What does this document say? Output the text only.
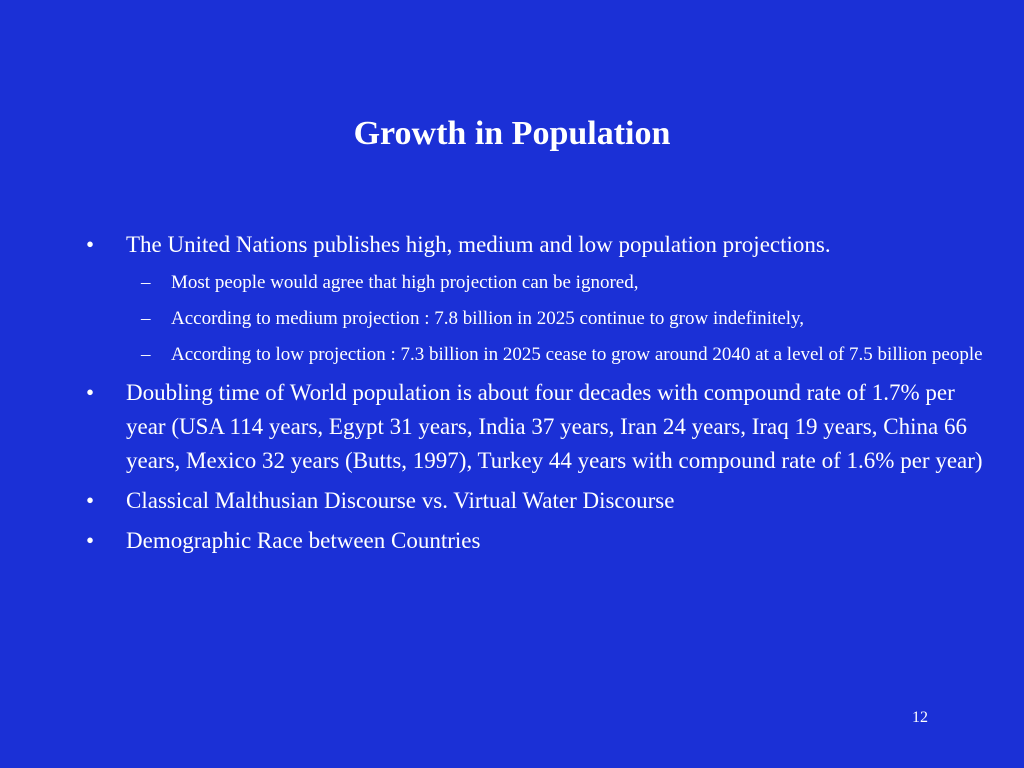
Growth in Population
• The United Nations publishes high, medium and low population projections.
– Most people would agree that high projection can be ignored,
– According to medium projection : 7.8 billion in 2025 continue to grow indefinitely,
– According to low projection : 7.3 billion in 2025 cease to grow around 2040 at a level of 7.5 billion people
• Doubling time of World population is about four decades with compound rate of 1.7% per year (USA 114 years, Egypt 31 years, India 37 years, Iran 24 years, Iraq 19 years, China 66 years, Mexico 32 years (Butts, 1997), Turkey 44 years with compound rate of 1.6% per year)
• Classical Malthusian Discourse vs. Virtual Water Discourse
• Demographic Race between Countries
12
